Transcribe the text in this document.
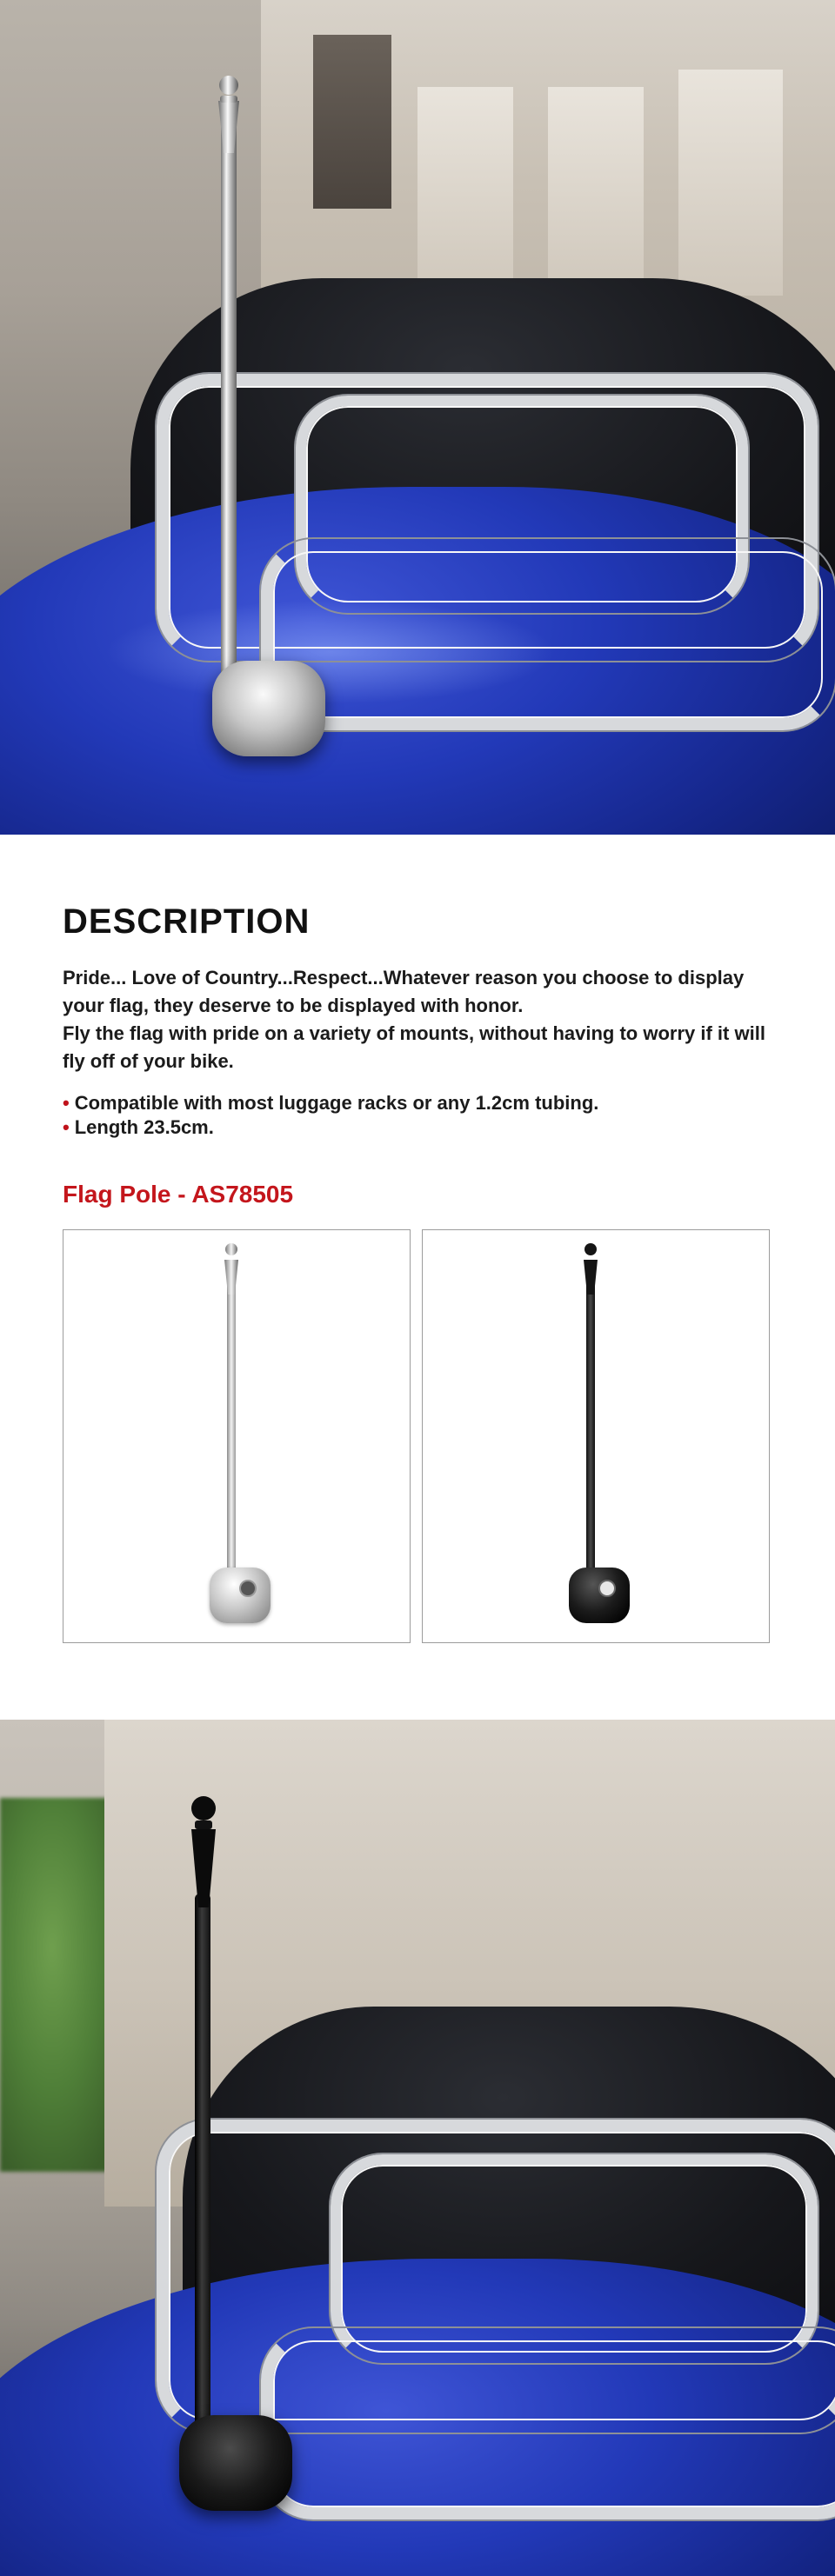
DESCRIPTION

Pride... Love of Country...Respect...Whatever reason you choose to display your flag, they deserve to be displayed with honor.

Fly the flag with pride on a variety of mounts, without having to worry if it will fly off of your bike.

• Compatible with most luggage racks or any 1.2cm tubing.
• Length 23.5cm.
Flag Pole - AS78505
